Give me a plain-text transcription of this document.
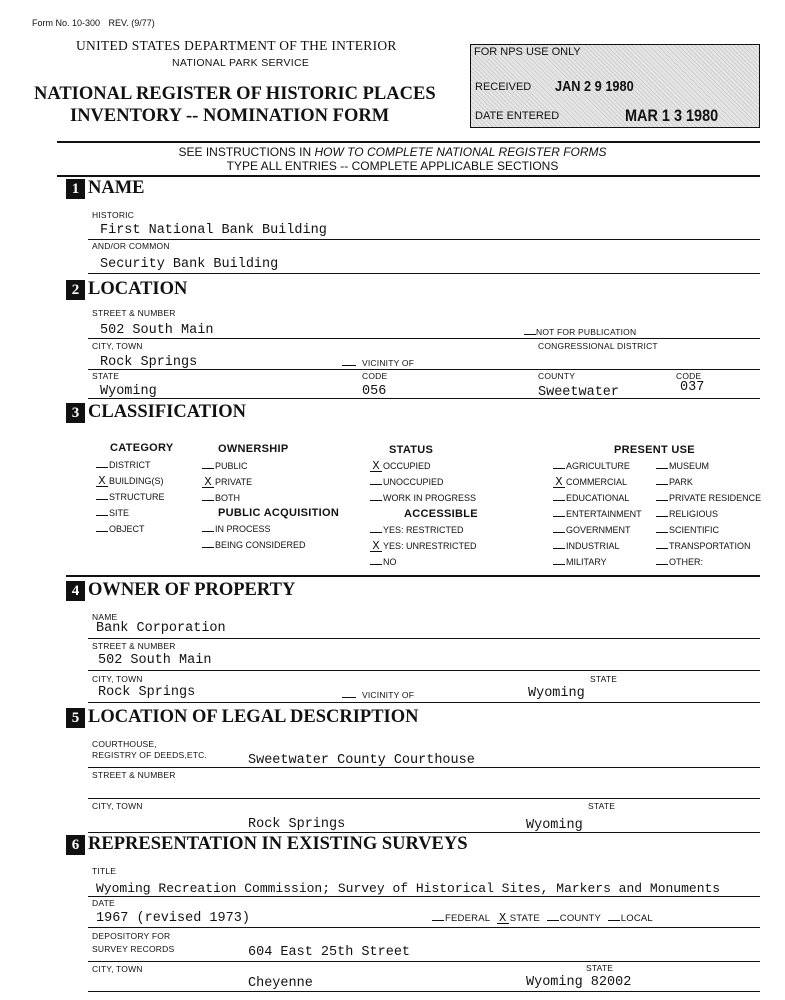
Form No. 10-300 REV. (9/77)
UNITED STATES DEPARTMENT OF THE INTERIOR
NATIONAL PARK SERVICE
NATIONAL REGISTER OF HISTORIC PLACES
INVENTORY -- NOMINATION FORM
FOR NPS USE ONLY
RECEIVED JAN 2 9 1980
DATE ENTERED	MAR 1 3 1980
SEE INSTRUCTIONS IN HOW TO COMPLETE NATIONAL REGISTER FORMS
TYPE ALL ENTRIES -- COMPLETE APPLICABLE SECTIONS
1 NAME
HISTORIC
First National Bank Building
AND/OR COMMON
Security Bank Building
2 LOCATION
STREET & NUMBER
502 South Main	NOT FOR PUBLICATION
CITY, TOWN	CONGRESSIONAL DISTRICT
Rock Springs	VICINITY OF
STATE	CODE	COUNTY	CODE
Wyoming	056	Sweetwater	037
3 CLASSIFICATION
CATEGORY	OWNERSHIP	STATUS	PRESENT USE
PUBLIC ACQUISITION	ACCESSIBLE
DISTRICT
X BUILDING(S)
STRUCTURE
SITE
OBJECT
PUBLIC
X PRIVATE
BOTH
IN PROCESS
BEING CONSIDERED
X OCCUPIED
UNOCCUPIED
WORK IN PROGRESS
YES: RESTRICTED
X YES: UNRESTRICTED
NO
AGRICULTURE
X COMMERCIAL
EDUCATIONAL
ENTERTAINMENT
GOVERNMENT
INDUSTRIAL
MILITARY
MUSEUM
PARK
PRIVATE RESIDENCE
RELIGIOUS
SCIENTIFIC
TRANSPORTATION
OTHER:
4 OWNER OF PROPERTY
NAME
Bank Corporation
STREET & NUMBER
502 South Main
CITY, TOWN	STATE
Rock Springs	VICINITY OF	Wyoming
5 LOCATION OF LEGAL DESCRIPTION
COURTHOUSE,
REGISTRY OF DEEDS,ETC.	Sweetwater County Courthouse
STREET & NUMBER
CITY, TOWN	STATE
Rock Springs	Wyoming
6 REPRESENTATION IN EXISTING SURVEYS
TITLE
Wyoming Recreation Commission; Survey of Historical Sites, Markers and Monuments
DATE
1967 (revised 1973)	FEDERAL X STATE COUNTY LOCAL
DEPOSITORY FOR
SURVEY RECORDS	604 East 25th Street
CITY, TOWN	STATE
Cheyenne	Wyoming 82002
